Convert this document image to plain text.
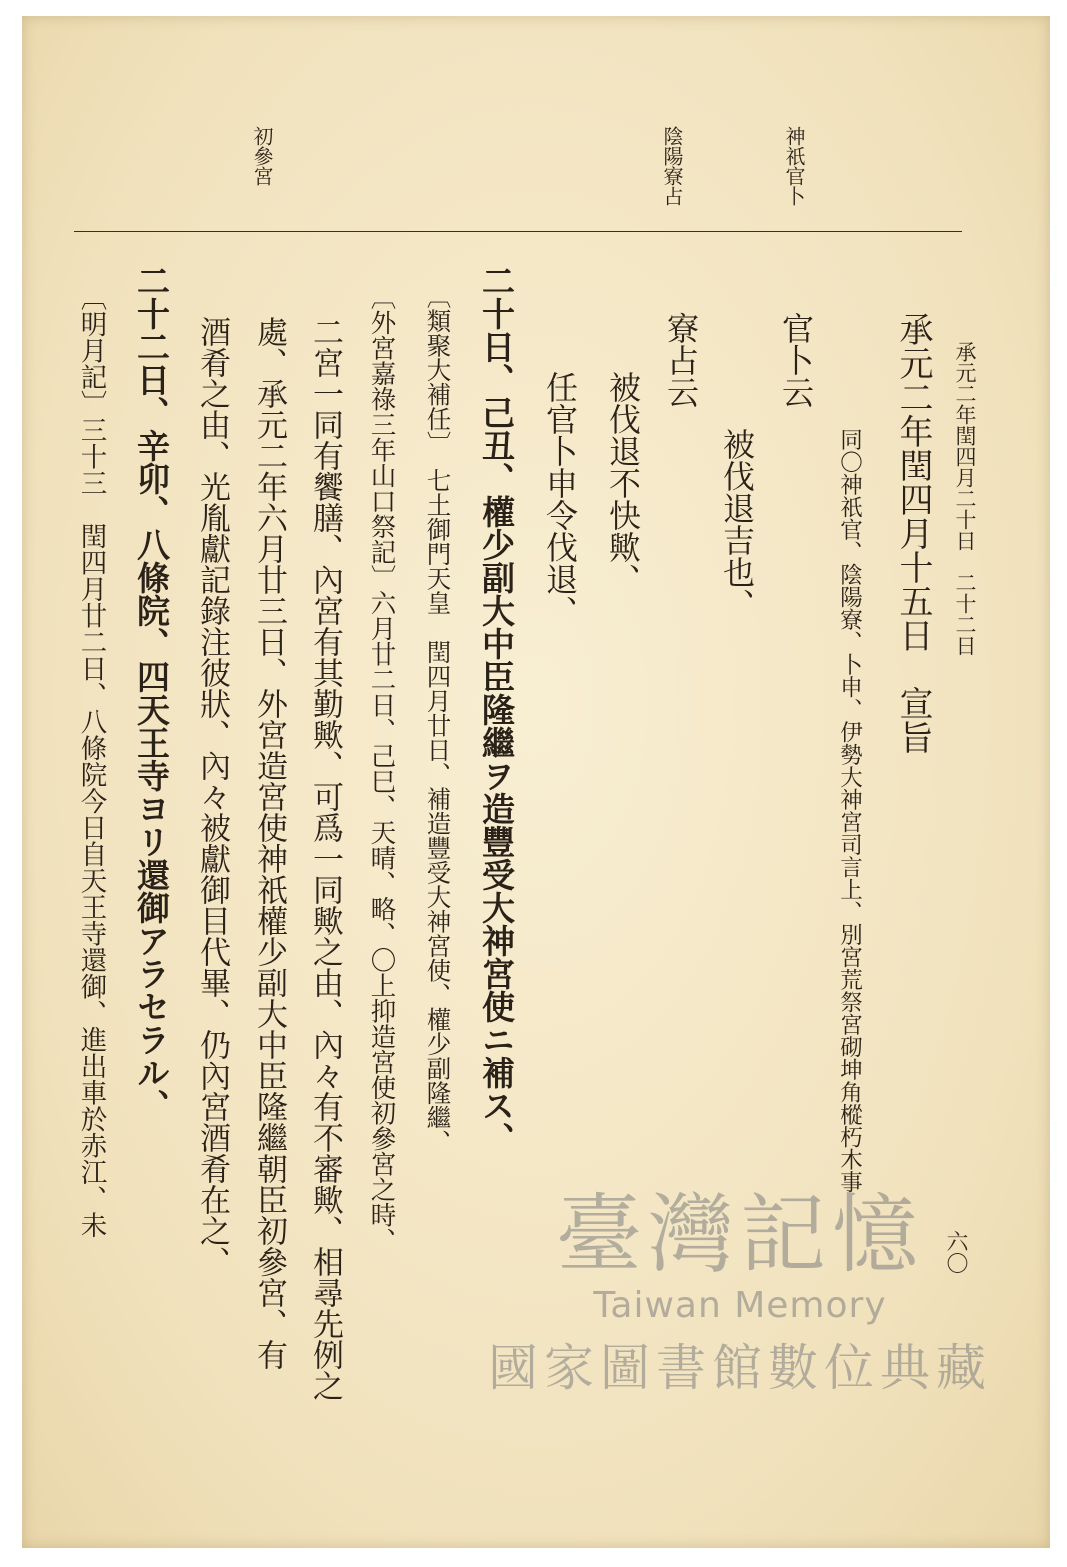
六〇
承元二年閏四月二十日　二十二日
神祇官卜
陰陽寮占
初參宮
承元二年閏四月十五日　宣旨
同〇神祇官、陰陽寮、卜申、伊勢大神宮司言上、別宮荒祭宮砌坤角樅朽木事
官卜云
被伐退吉也、
寮占云
被伐退不快歟、
任官卜申令伐退、
二十日、己丑、權少副大中臣隆繼ヲ造豐受大神宮使ニ補ス、
〔類聚大補任〕　七土御門天皇　閏四月廿日、補造豐受大神宮使、權少副隆繼、
〔外宮嘉祿三年山口祭記〕六月廿二日、己巳、天晴、略、〇上抑造宮使初參宮之時、
二宮一同有饗膳、內宮有其勤歟、可爲一同歟之由、內々有不審歟、相尋先例之
處、承元二年六月廿三日、外宮造宮使神祇權少副大中臣隆繼朝臣初參宮、有
酒肴之由、光胤獻記錄注彼狀、內々被獻御目代畢、仍內宮酒肴在之、
二十二日、辛卯、八條院、四天王寺ヨリ還御アラセラル、
〔明月記〕三十三　閏四月廿二日、八條院今日自天王寺還御、進出車於赤江、未	臺灣記憶
Taiwan Memory
國家圖書館數位典藏
